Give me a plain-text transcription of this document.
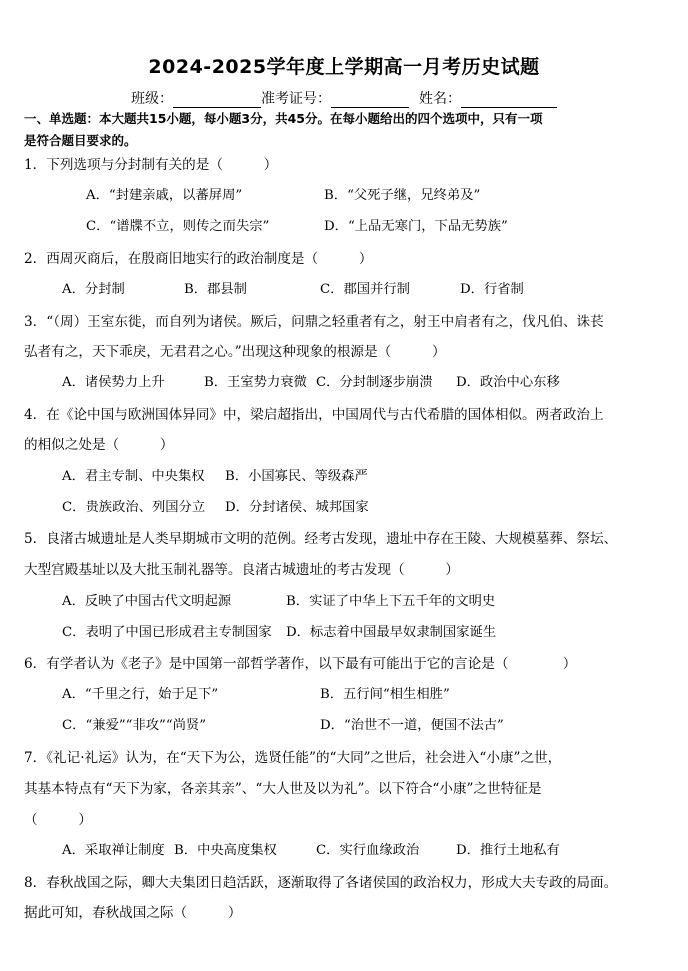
2024-2025学年度上学期高一月考历史试题
班级：	准考证号：	姓名：
一、单选题：本大题共15小题，每小题3分，共45分。在每小题给出的四个选项中，只有一项
是符合题目要求的。
1．下列选项与分封制有关的是（　　　）
A．“封建亲戚，以蕃屏周”	B．“父死子继，兄终弟及”
C．“谱牒不立，则传之而失宗”	D．“上品无寒门，下品无势族”
2．西周灭商后，在殷商旧地实行的政治制度是（　　　）
A．分封制	B．郡县制	C．郡国并行制	D．行省制
3．“（周）王室东徙，而自列为诸侯。厥后，问鼎之轻重者有之，射王中肩者有之，伐凡伯、诛苌
弘者有之，天下乖戾，无君君之心。”出现这种现象的根源是（　　　）
A．诸侯势力上升	B．王室势力衰微 C．分封制逐步崩溃 D．政治中心东移
4．在《论中国与欧洲国体异同》中，梁启超指出，中国周代与古代希腊的国体相似。两者政治上
的相似之处是（　　　）
A．君主专制、中央集权 B．小国寡民、等级森严
C．贵族政治、列国分立 D．分封诸侯、城邦国家
5．良渚古城遗址是人类早期城市文明的范例。经考古发现，遗址中存在王陵、大规模墓葬、祭坛、
大型宫殿基址以及大批玉制礼器等。良渚古城遗址的考古发现（　　　）
A．反映了中国古代文明起源	B．实证了中华上下五千年的文明史
C．表明了中国已形成君主专制国家 D．标志着中国最早奴隶制国家诞生
6．有学者认为《老子》是中国第一部哲学著作，以下最有可能出于它的言论是（　　　　）
A．“千里之行，始于足下”	B．五行间“相生相胜”
C．“兼爱”“非攻”“尚贤”	D．“治世不一道，便国不法古”
7．《礼记·礼运》认为，在“天下为公，选贤任能”的“大同”之世后，社会进入“小康”之世，
其基本特点有“天下为家，各亲其亲”、“大人世及以为礼”。以下符合“小康”之世特征是
（　　　）
A．采取禅让制度 B．中央高度集权	C．实行血缘政治	D．推行土地私有
8．春秋战国之际，卿大夫集团日趋活跃，逐渐取得了各诸侯国的政治权力，形成大夫专政的局面。
据此可知，春秋战国之际（　　　）
